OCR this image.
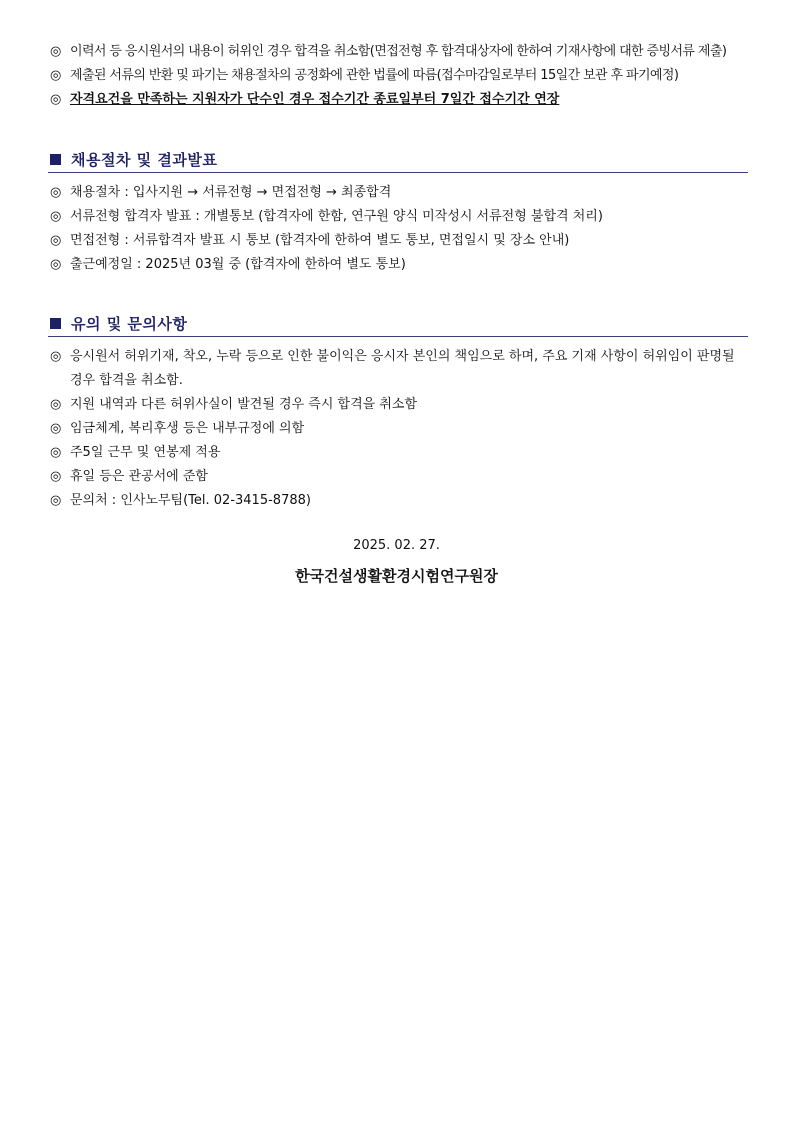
◎ 이력서 등 응시원서의 내용이 허위인 경우 합격을 취소함(면접전형 후 합격대상자에 한하여 기재사항에 대한 증빙서류 제출)
◎ 제출된 서류의 반환 및 파기는 채용절차의 공정화에 관한 법률에 따름(접수마감일로부터 15일간 보관 후 파기예정)
◎ 자격요건을 만족하는 지원자가 단수인 경우 접수기간 종료일부터 7일간 접수기간 연장
채용절차 및 결과발표
◎ 채용절차 : 입사지원 → 서류전형 → 면접전형 → 최종합격
◎ 서류전형 합격자 발표 : 개별통보 (합격자에 한함, 연구원 양식 미작성시 서류전형 불합격 처리)
◎ 면접전형 : 서류합격자 발표 시 통보 (합격자에 한하여 별도 통보, 면접일시 및 장소 안내)
◎ 출근예정일 : 2025년 03월 중 (합격자에 한하여 별도 통보)
유의 및 문의사항
◎ 응시원서 허위기재, 착오, 누락 등으로 인한 불이익은 응시자 본인의 책임으로 하며, 주요 기재 사항이 허위임이 판명될 경우 합격을 취소함.
◎ 지원 내역과 다른 허위사실이 발견될 경우 즉시 합격을 취소함
◎ 임금체계, 복리후생 등은 내부규정에 의함
◎ 주5일 근무 및 연봉제 적용
◎ 휴일 등은 관공서에 준함
◎ 문의처 : 인사노무팀(Tel. 02-3415-8788)
2025. 02. 27.
한국건설생활환경시험연구원장
